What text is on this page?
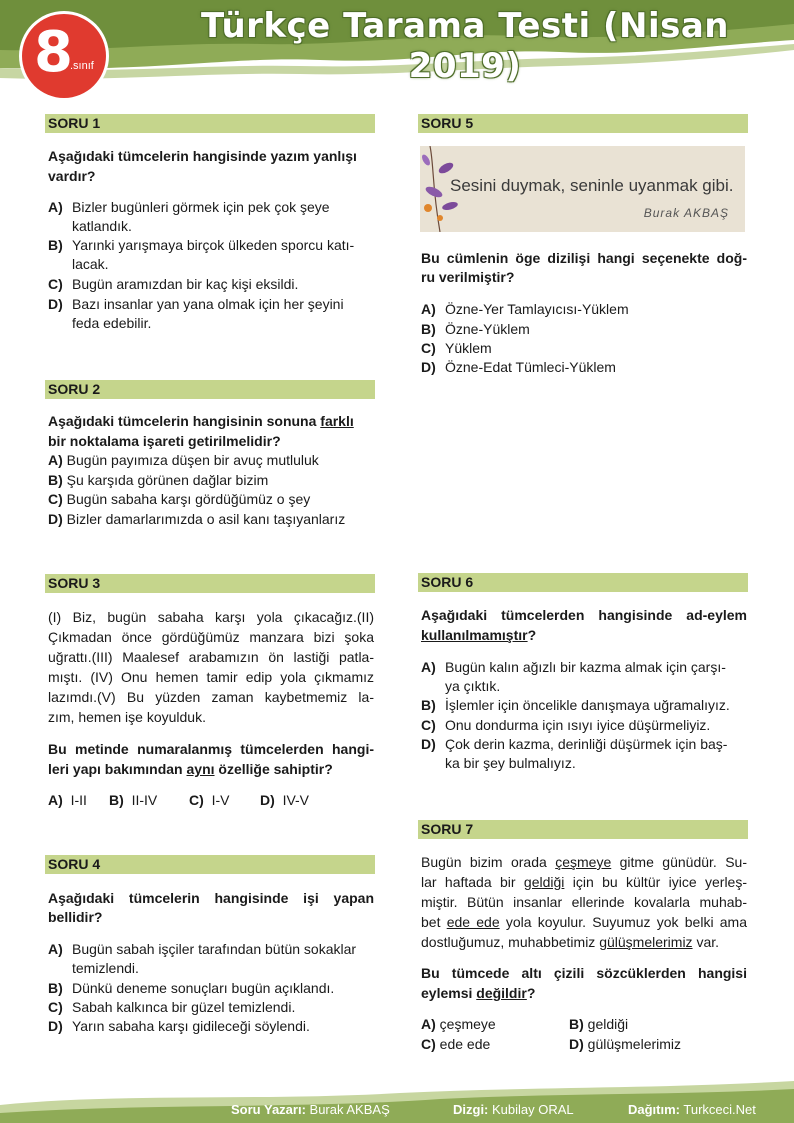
Türkçe Tarama Testi (Nisan 2019)
8
.sınıf
SORU 1
Aşağıdaki tümcelerin hangisinde yazım yanlışı
vardır?
A) Bizler bugünleri görmek için pek çok şeye
katlandık.
B) Yarınki yarışmaya birçok ülkeden sporcu katı-
lacak.
C) Bugün aramızdan bir kaç kişi eksildi.
D) Bazı insanlar yan yana olmak için her şeyini
feda edebilir.
SORU 2
Aşağıdaki tümcelerin hangisinin sonuna farklı
bir noktalama işareti getirilmelidir?
A) Bugün payımıza düşen bir avuç mutluluk
B) Şu karşıda görünen dağlar bizim
C) Bugün sabaha karşı gördüğümüz o şey
D) Bizler damarlarımızda o asil kanı taşıyanlarız
SORU 3
(I) Biz, bugün sabaha karşı yola çıkacağız.(II)
Çıkmadan önce gördüğümüz manzara bizi şoka
uğrattı.(III) Maalesef arabamızın ön lastiği patla-
mıştı. (IV) Onu hemen tamir edip yola çıkmamız
lazımdı.(V) Bu yüzden zaman kaybetmemiz la-
zım, hemen işe koyulduk.
Bu metinde numaralanmış tümcelerden hangi-
leri yapı bakımından aynı özelliğe sahiptir?
A) I-II B) II-IV C) I-V D) IV-V
SORU 4
Aşağıdaki tümcelerin hangisinde işi yapan
bellidir?
A) Bugün sabah işçiler tarafından bütün sokaklar
temizlendi.
B) Dünkü deneme sonuçları bugün açıklandı.
C) Sabah kalkınca bir güzel temizlendi.
D) Yarın sabaha karşı gidileceği söylendi.
SORU 5
Sesini duymak, seninle uyanmak gibi.
Burak AKBAŞ
Bu cümlenin öge dizilişi hangi seçenekte doğ-
ru verilmiştir?
A) Özne-Yer Tamlayıcısı-Yüklem
B) Özne-Yüklem
C) Yüklem
D) Özne-Edat Tümleci-Yüklem
SORU 6
Aşağıdaki tümcelerden hangisinde ad-eylem
kullanılmamıştır?
A) Bugün kalın ağızlı bir kazma almak için çarşı-
ya çıktık.
B) İşlemler için öncelikle danışmaya uğramalıyız.
C) Onu dondurma için ısıyı iyice düşürmeliyiz.
D) Çok derin kazma, derinliği düşürmek için baş-
ka bir şey bulmalıyız.
SORU 7
Bugün bizim orada çeşmeye gitme günüdür. Su-
lar haftada bir geldiği için bu kültür iyice yerleş-
miştir. Bütün insanlar ellerinde kovalarla muhab-
bet ede ede yola koyulur. Suyumuz yok belki ama
dostluğumuz, muhabbetimiz gülüşmelerimiz var.
Bu tümcede altı çizili sözcüklerden hangisi
eylemsi değildir?
A) çeşmeye	B) geldiği
C) ede ede	D) gülüşmelerimiz
Soru Yazarı: Burak AKBAŞ	Dizgi: Kubilay ORAL	Dağıtım: Turkceci.Net
